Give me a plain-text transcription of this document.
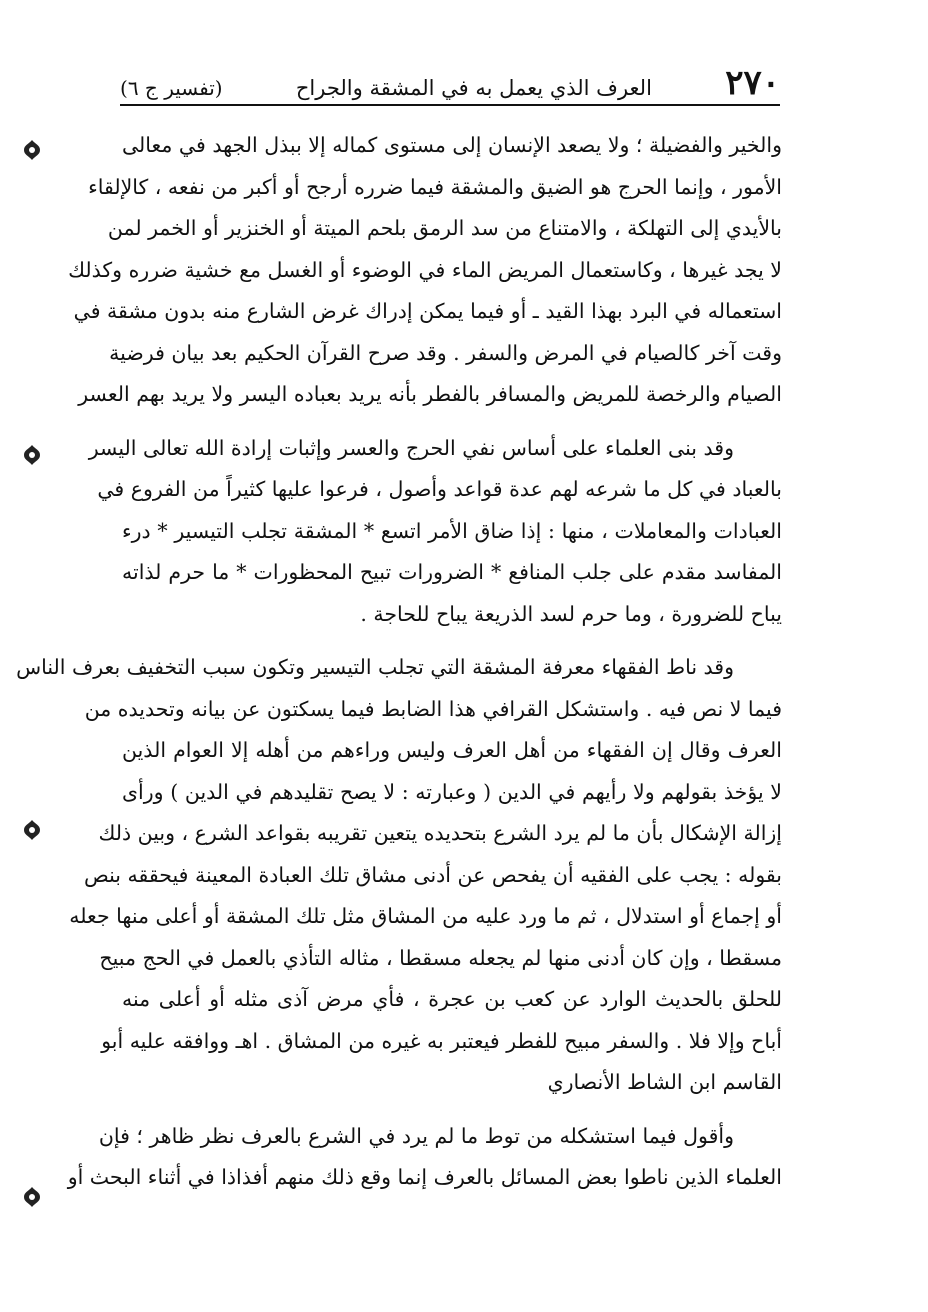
٢٧٠
العرف الذي يعمل به في المشقة والجراح
(تفسير ج ٦)
والخير والفضيلة ؛ ولا يصعد الإنسان إلى مستوى كماله إلا ببذل الجهد في معالى
الأمور ، وإنما الحرج هو الضيق والمشقة فيما ضرره أرجح أو أكبر من نفعه ، كالإلقاء
بالأيدي إلى التهلكة ، والامتناع من سد الرمق بلحم الميتة أو الخنزير أو الخمر لمن
لا يجد غيرها ، وكاستعمال المريض الماء في الوضوء أو الغسل مع خشية ضرره وكذلك
استعماله في البرد بهذا القيد ـ أو فيما يمكن إدراك غرض الشارع منه بدون مشقة في
وقت آخر كالصيام في المرض والسفر . وقد صرح القرآن الحكيم بعد بيان فرضية
الصيام والرخصة للمريض والمسافر بالفطر بأنه يريد بعباده اليسر ولا يريد بهم العسر
وقد بنى العلماء على أساس نفي الحرج والعسر وإثبات إرادة الله تعالى اليسر
بالعباد في كل ما شرعه لهم عدة قواعد وأصول ، فرعوا عليها كثيراً من الفروع في
العبادات والمعاملات ، منها : إذا ضاق الأمر اتسع * المشقة تجلب التيسير * درء
المفاسد مقدم على جلب المنافع * الضرورات تبيح المحظورات * ما حرم لذاته
يباح للضرورة ، وما حرم لسد الذريعة يباح للحاجة .
وقد ناط الفقهاء معرفة المشقة التي تجلب التيسير وتكون سبب التخفيف بعرف الناس
فيما لا نص فيه . واستشكل القرافي هذا الضابط فيما يسكتون عن بيانه وتحديده من
العرف وقال إن الفقهاء من أهل العرف وليس وراءهم من أهله إلا العوام الذين
لا يؤخذ بقولهم ولا رأيهم في الدين ( وعبارته : لا يصح تقليدهم في الدين ) ورأى
إزالة الإشكال بأن ما لم يرد الشرع بتحديده يتعين تقريبه بقواعد الشرع ، وبين ذلك
بقوله : يجب على الفقيه أن يفحص عن أدنى مشاق تلك العبادة المعينة فيحققه بنص
أو إجماع أو استدلال ، ثم ما ورد عليه من المشاق مثل تلك المشقة أو أعلى منها جعله
مسقطا ، وإن كان أدنى منها لم يجعله مسقطا ، مثاله التأذي بالعمل في الحج مبيح
للحلق بالحديث الوارد عن كعب بن عجرة ، فأي مرض آذى مثله أو أعلى منه
أباح وإلا فلا . والسفر مبيح للفطر فيعتبر به غيره من المشاق . اهـ ووافقه عليه أبو
القاسم ابن الشاط الأنصاري
وأقول فيما استشكله من توط ما لم يرد في الشرع بالعرف نظر ظاهر ؛ فإن
العلماء الذين ناطوا بعض المسائل بالعرف إنما وقع ذلك منهم أفذاذا في أثناء البحث أو
